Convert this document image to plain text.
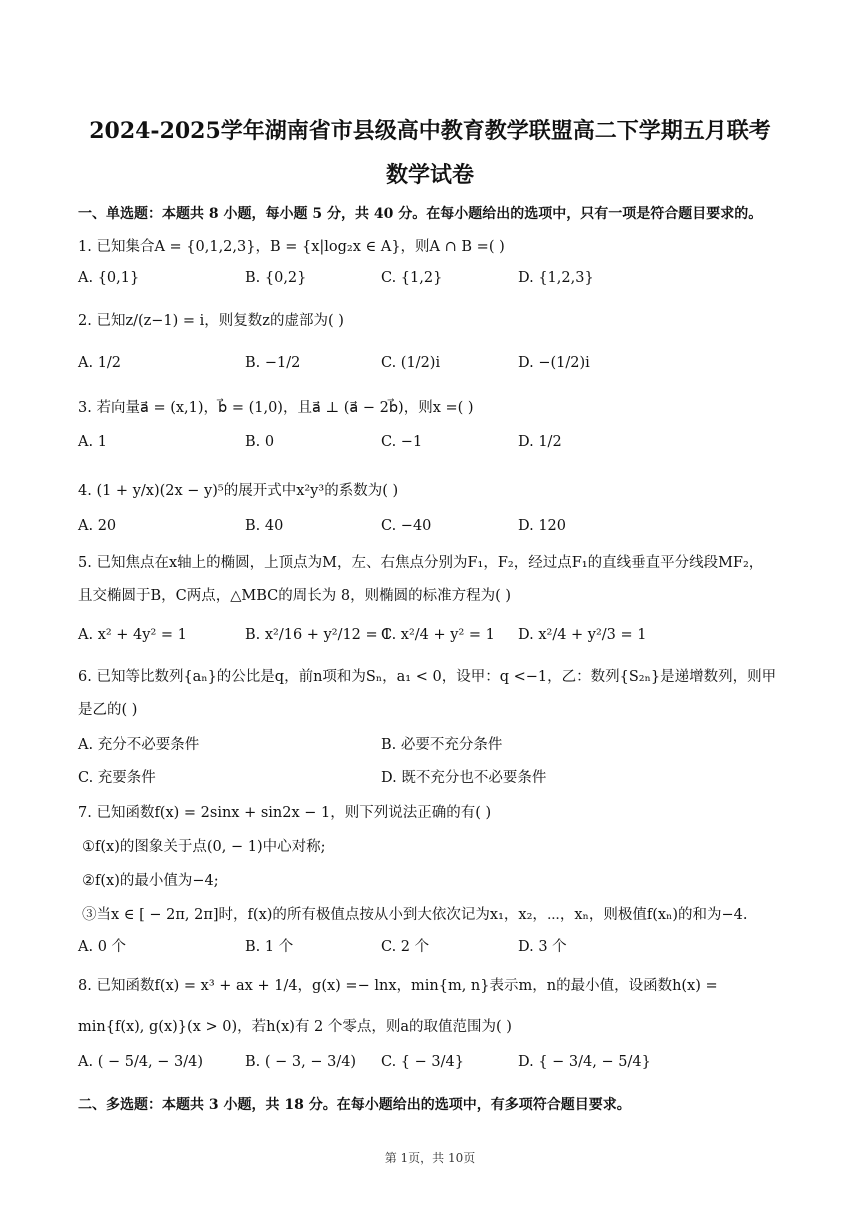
2024-2025学年湖南省市县级高中教育教学联盟高二下学期五月联考
数学试卷
一、单选题：本题共 8 小题，每小题 5 分，共 40 分。在每小题给出的选项中，只有一项是符合题目要求的。
1. 已知集合A = {0,1,2,3}，B = {x|log₂x ∈ A}，则A ∩ B =( )
A. {0,1}	B. {0,2}	C. {1,2}	D. {1,2,3}
2. 已知z/(z−1) = i，则复数z的虚部为( )
A. 1/2	B. −1/2	C. (1/2)i	D. −(1/2)i
3. 若向量a⃗ = (x,1)，b⃗ = (1,0)，且a⃗ ⊥ (a⃗ − 2b⃗)，则x =( )
A. 1	B. 0	C. −1	D. 1/2
4. (1 + y/x)(2x − y)⁵的展开式中x²y³的系数为( )
A. 20	B. 40	C. −40	D. 120
5. 已知焦点在x轴上的椭圆，上顶点为M，左、右焦点分别为F₁，F₂，经过点F₁的直线垂直平分线段MF₂，
且交椭圆于B，C两点，△MBC的周长为 8，则椭圆的标准方程为( )
A. x² + 4y² = 1	B. x²/16 + y²/12 = 1
C. x²/4 + y² = 1 D. x²/4 + y²/3 = 1
6. 已知等比数列{aₙ}的公比是q，前n项和为Sₙ，a₁ < 0，设甲：q <−1，乙：数列{S₂ₙ}是递增数列，则甲
是乙的( )
A. 充分不必要条件	B. 必要不充分条件
C. 充要条件	D. 既不充分也不必要条件
7. 已知函数f(x) = 2sinx + sin2x − 1，则下列说法正确的有( )
①f(x)的图象关于点(0, − 1)中心对称;
②f(x)的最小值为−4;
③当x ∈ [ − 2π, 2π]时，f(x)的所有极值点按从小到大依次记为x₁，x₂，⋯，xₙ，则极值f(xₙ)的和为−4.
A. 0 个	B. 1 个	C. 2 个	D. 3 个
8. 已知函数f(x) = x³ + ax + 1/4，g(x) =− lnx，min{m, n}表示m，n的最小值，设函数h(x) =
min{f(x), g(x)}(x > 0)，若h(x)有 2 个零点，则a的取值范围为( )
A. ( − 5/4, − 3/4)	B. ( − 3, − 3/4) C. { − 3/4}	D. { − 3/4, − 5/4}
二、多选题：本题共 3 小题，共 18 分。在每小题给出的选项中，有多项符合题目要求。
第 1页，共 10页
